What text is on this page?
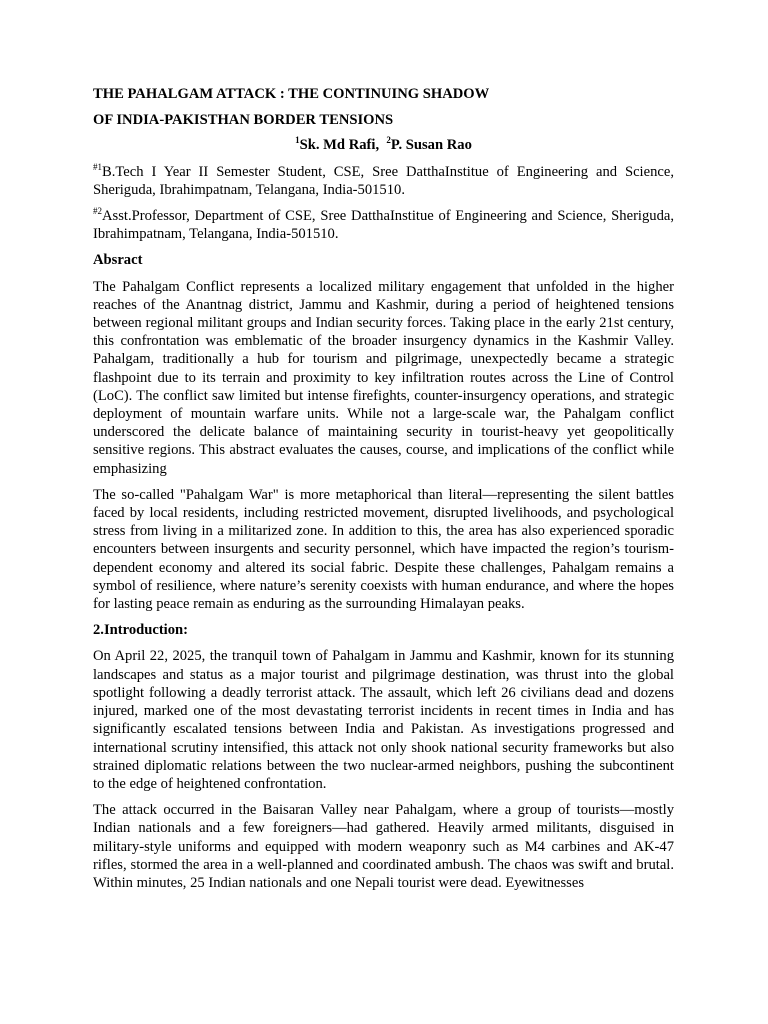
THE PAHALGAM ATTACK : THE CONTINUING SHADOW

OF INDIA-PAKISTHAN BORDER TENSIONS

$^1$Sk. Md Rafi, $^2$P. Susan Rao

$^{\#1}$B.Tech I Year II Semester Student, CSE, Sree DatthaInstitue of Engineering and Science, Sheriguda, Ibrahimpatnam, Telangana, India-501510.

$^{\#2}$Asst.Professor, Department of CSE, Sree DatthaInstitue of Engineering and Science, Sheriguda, Ibrahimpatnam, Telangana, India-501510.

Absract

The Pahalgam Conflict represents a localized military engagement that unfolded in the higher reaches of the Anantnag district, Jammu and Kashmir, during a period of heightened tensions between regional militant groups and Indian security forces. Taking place in the early 21st century, this confrontation was emblematic of the broader insurgency dynamics in the Kashmir Valley. Pahalgam, traditionally a hub for tourism and pilgrimage, unexpectedly became a strategic flashpoint due to its terrain and proximity to key infiltration routes across the Line of Control (LoC). The conflict saw limited but intense firefights, counter-insurgency operations, and strategic deployment of mountain warfare units. While not a large-scale war, the Pahalgam conflict underscored the delicate balance of maintaining security in tourist-heavy yet geopolitically sensitive regions. This abstract evaluates the causes, course, and implications of the conflict while emphasizing

The so-called "Pahalgam War" is more metaphorical than literal—representing the silent battles faced by local residents, including restricted movement, disrupted livelihoods, and psychological stress from living in a militarized zone. In addition to this, the area has also experienced sporadic encounters between insurgents and security personnel, which have impacted the region’s tourism-dependent economy and altered its social fabric. Despite these challenges, Pahalgam remains a symbol of resilience, where nature’s serenity coexists with human endurance, and where the hopes for lasting peace remain as enduring as the surrounding Himalayan peaks.

2.Introduction:

On April 22, 2025, the tranquil town of Pahalgam in Jammu and Kashmir, known for its stunning landscapes and status as a major tourist and pilgrimage destination, was thrust into the global spotlight following a deadly terrorist attack. The assault, which left 26 civilians dead and dozens injured, marked one of the most devastating terrorist incidents in recent times in India and has significantly escalated tensions between India and Pakistan. As investigations progressed and international scrutiny intensified, this attack not only shook national security frameworks but also strained diplomatic relations between the two nuclear-armed neighbors, pushing the subcontinent to the edge of heightened confrontation.

The attack occurred in the Baisaran Valley near Pahalgam, where a group of tourists—mostly Indian nationals and a few foreigners—had gathered. Heavily armed militants, disguised in military-style uniforms and equipped with modern weaponry such as M4 carbines and AK-47 rifles, stormed the area in a well-planned and coordinated ambush. The chaos was swift and brutal. Within minutes, 25 Indian nationals and one Nepali tourist were dead. Eyewitnesses
